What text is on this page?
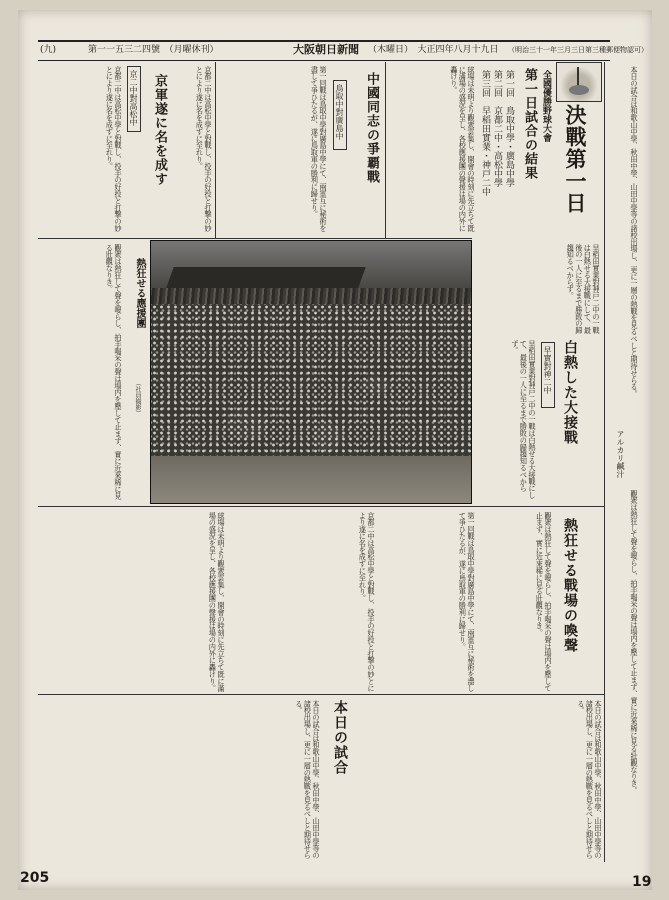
(九)	第一一五三二四號　（月曜休刊）	大阪朝日新聞 （木曜日）　大正四年八月十九日 （明治三十一年三月三日第三種郵便物認可）
決戰第一日
全國優勝野球大會
第一日試合の結果
第一回　鳥取中學・廣島中學
第二回　京都二中・高松中學
第三回　早稻田實業・神戸二中
球場は未明より觀衆雲集し、開會の時刻に先立ちて既に滿場の盛況を呈し、各校應援團の聲援は場の内外に轟けり。
中國同志の爭覇戰
鳥取中對廣島中
第一回戰は鳥取中學對廣島中學にて、兩軍互に秘術を盡して爭ひたるが、遂に鳥取軍の勝利に歸せり。
京軍遂に名を成す
京二中對高松中	京都二中は高松中學と對戰し、投手の好投と打撃の妙とにより遂に名を成すに至れり。
京都二中は高松中學と對戰し、投手の好投と打撃の妙とにより遂に名を成すに至れり。
熱狂せる應援團
（社員撮影）
觀衆は熱狂して聲を嗄らし、拍手喝采の聲は場内を壓して止まず、實に近來稀に見る壯觀なりき。	早稻田實業對神戸二中の一戰は白熱せる大接戰にして、最後の一人に至るまで勝敗の歸趨知るべからず。
白熱した大接戰
早實對神二中
早稻田實業對神戸二中の一戰は白熱せる大接戰にして、最後の一人に至るまで勝敗の歸趨知るべからず。
アルカリ鹹汁
本日の試合は和歌山中學、秋田中學、山田中學等の諸校出場し、更に一層の熱戰を見るべしと期待せらる。
觀衆は熱狂して聲を嗄らし、拍手喝采の聲は場内を壓して止まず、實に近來稀に見る壯觀なりき。
熱狂せる戰場の喚聲
觀衆は熱狂して聲を嗄らし、拍手喝采の聲は場内を壓して止まず、實に近來稀に見る壯觀なりき。
第一回戰は鳥取中學對廣島中學にて、兩軍互に秘術を盡して爭ひたるが、遂に鳥取軍の勝利に歸せり。
京都二中は高松中學と對戰し、投手の好投と打撃の妙とにより遂に名を成すに至れり。
球場は未明より觀衆雲集し、開會の時刻に先立ちて既に滿場の盛況を呈し、各校應援團の聲援は場の内外に轟けり。
本日の試合	本日の試合は和歌山中學、秋田中學、山田中學等の諸校出場し、更に一層の熱戰を見るべしと期待せらる。
本日の試合は和歌山中學、秋田中學、山田中學等の諸校出場し、更に一層の熱戰を見るべしと期待せらる。
205	19
